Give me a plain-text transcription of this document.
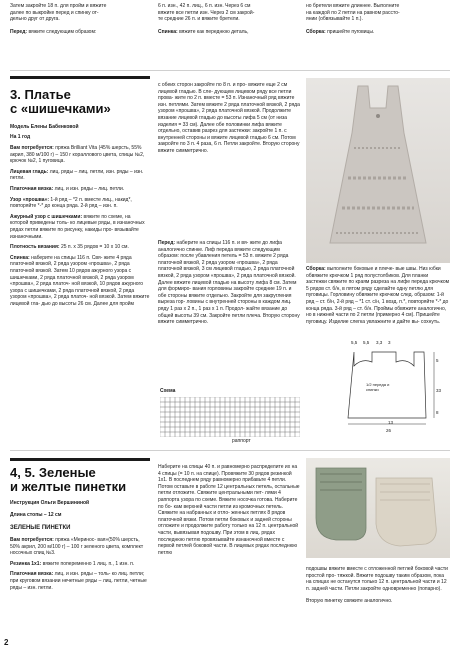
Затем закройте 18 п. для пройм и вяжите
далее по выкройке перед и спинку от-
дельно друг от друга.
Перед: вяжите следующим образом:
6 п. изн., 42 п. лиц., 6 п. изн. Через 6 см
вяжите все петли изн. Через 2 см закрой-
те средние 26 п. и вяжите бретели.
Спинка: вяжите как переднюю деталь,
но бретели вяжите длиннее. Выполните
на каждой по 2 петли на равном рассто-
янии (обвязывайте 1 п.).
Сборка: пришейте пуговицы.
3. Платье
с «шишечками»
Модель Елены Бабенковой
На 1 год
Вам потребуется: пряжа Brilliant Vita (45% шерсть, 55% акрил, 380 м/100 г) – 150 г кораллового цвета, спицы №2, крючок №2, 1 пуговица.
Лицевая гладь: лиц. ряды – лиц. петли, изн. ряды – изн. петли.
Платочная вязка: лиц. и изн. ряды – лиц. петли.
Узор «прошва»: 1-й ряд – *2 п. вместе лиц., накид*, повторяйте *-* до конца ряда. 2-й ряд – изн. п.
Ажурный узор с шишечками: вяжите по схеме, на которой приведены толь- ко лицевые ряды, в изнаночных рядах петли вяжите по рисунку, накиды про- вязывайте изнаночными.
Плотность вязания: 25 п. х 35 рядов = 10 х 10 см.
Спинка: наберите на спицы 116 п. Свя- жите 4 ряда платочной вязкой, 2 ряда узором «прошва», 2 ряда платочной вязкой. Затем 10 рядов ажурного узора с шишечками, 2 ряда платочной вязкой, 2 ряда узором «прошва», 2 ряда платоч- ной вязкой, 10 рядов ажурного узора с шишечками, 2 ряда платочной вязкой, 2 ряда узором «прошва», 2 ряда платоч- ной вязкой. Затем вяжите лицевой гла- дью до высоты 26 см. Далее для пройм
с обеих сторон закройте по 8 п. и про- вяжите еще 2 см лицевой гладью. В сле- дующем лицевом ряду все петли прова- жите по 2 п. вместе = 53 п. Изнаночный ряд вяжите изн. петлями. Затем вяжите 2 ряда платочной вязкой, 2 ряда узором «прошва», 2 ряда платочной вязкой. Продолжите вязание лицевой гладью до высоты лифа 5 см (от низа изделия = 33 см). Далее обе половинки лифа вяжите отдельно, оставив разрез для застежки: закройте 1 п. с внутренней стороны и вяжите лицевой гладью 6 см. Потом закройте по 3 п. 4 раза, 6 п. Петли закройте. Вторую сторону вяжите симметрично.
Перед: наберите на спицы 116 п. и вя- жите до лифа аналогично спинке. Лиф переда вяжите следующим образом: после убавления петель = 53 п. вяжите 2 ряда платочной вязкой, 2 ряда узором «прошва», 2 ряда платочной вязкой, 3 см лицевой гладью, 2 ряда платочной вязкой, 2 ряда узором «прошва», 2 ряда платочной вязкой. Далее вяжите лицевой гладью на высоту лифа 8 см. Затем для формиро- вания горловины закройте средние 19 п. и обе стороны вяжите отдельно. Закройте для закругления выреза гор- ловины с внутренней стороны в каждом лиц. ряду 1 раз х 2 п., 1 раз х 1 п. Продол- жайте вязание до общей высоты 39 см. Закройте петли плеча. Вторую сторону вяжите симметрично.
Сборка: выполните боковые и плече- вые швы. Низ юбки обвяжите крючком 1 ряд полустолбиков. Для планки застежки свяжите по краям разреза на лифе переда крючком 5 рядов ст. б/н, в пятом ряду сделайте одну петлю для пуговицы. Горловину обвяжите крючком след. образом: 1-й ряд – ст. б/н, 2-й ряд – *1 ст. с/н, 1 возд. п.*, повторяйте *-* до конца ряда. 3-й ряд – ст. б/н. Проймы обвяжите аналогично, но в нижней части по 2 петли (примерно 4 см). Пришейте пуговицу. Изделие слегка увлажните и дайте вы- сохнуть.
Схема
раппорт
5,5 5,5 3,3 3
1/2 переда и спинки
13
5
26
33
8
4, 5. Зеленые
и желтые пинетки
Инструкция Ольги Вершининой
Длина стопы – 12 см
ЗЕЛЕНЫЕ ПИНЕТКИ
Вам потребуется: пряжа «Меринос- вая»(50% шерсть, 50% акрил, 200 м/100 г) – 100 г зеленого цвета, комплект носочных спиц №3.
Резинка 1х1: вяжите попеременно 1 лиц. п., 1 изн. п.
Платочная вязка: лиц. и изн. ряды – толь- ко лиц. петли; при круговом вязании нечетные ряды – лиц. петли, четные ряды – изн. петли.
Наберите на спицы 40 п. и равномерно распределите их на 4 спицы (= 10 п. на спице). Провяжите 30 рядов резинкой 1х1. В последнем ряду равномерно прибавьте 4 петли. Потом оставьте в работе 12 центральных петель, остальные петли отложите. Свяжите центральными пет- лями 4 раппорта узора по схеме. Вяжите носочка готова. Наберите по бо- кам верхней части петли из кромочных петель. Свяжите на набранных и отло- женных петлях 8 рядов платочной вязки. Потом петли боковых и задней стороны отложите и продолжите работу только на 12 п. центральной части, вывязывая подошву. При этом в лиц. рядах последнюю петлю провязывайте изнаночной вместе с первой петлей боковой части. В лицевых рядах последнюю петлю
подошвы вяжите вместе с отложенной петлей боковой части простой про- тяжкой. Вяжите подошву таким образом, пока на спицах не останутся только 12 п. центральной части и 12 п. задней части. Петли закройте одновременно (попарно).
Вторую пинетку свяжите аналогично.
2
